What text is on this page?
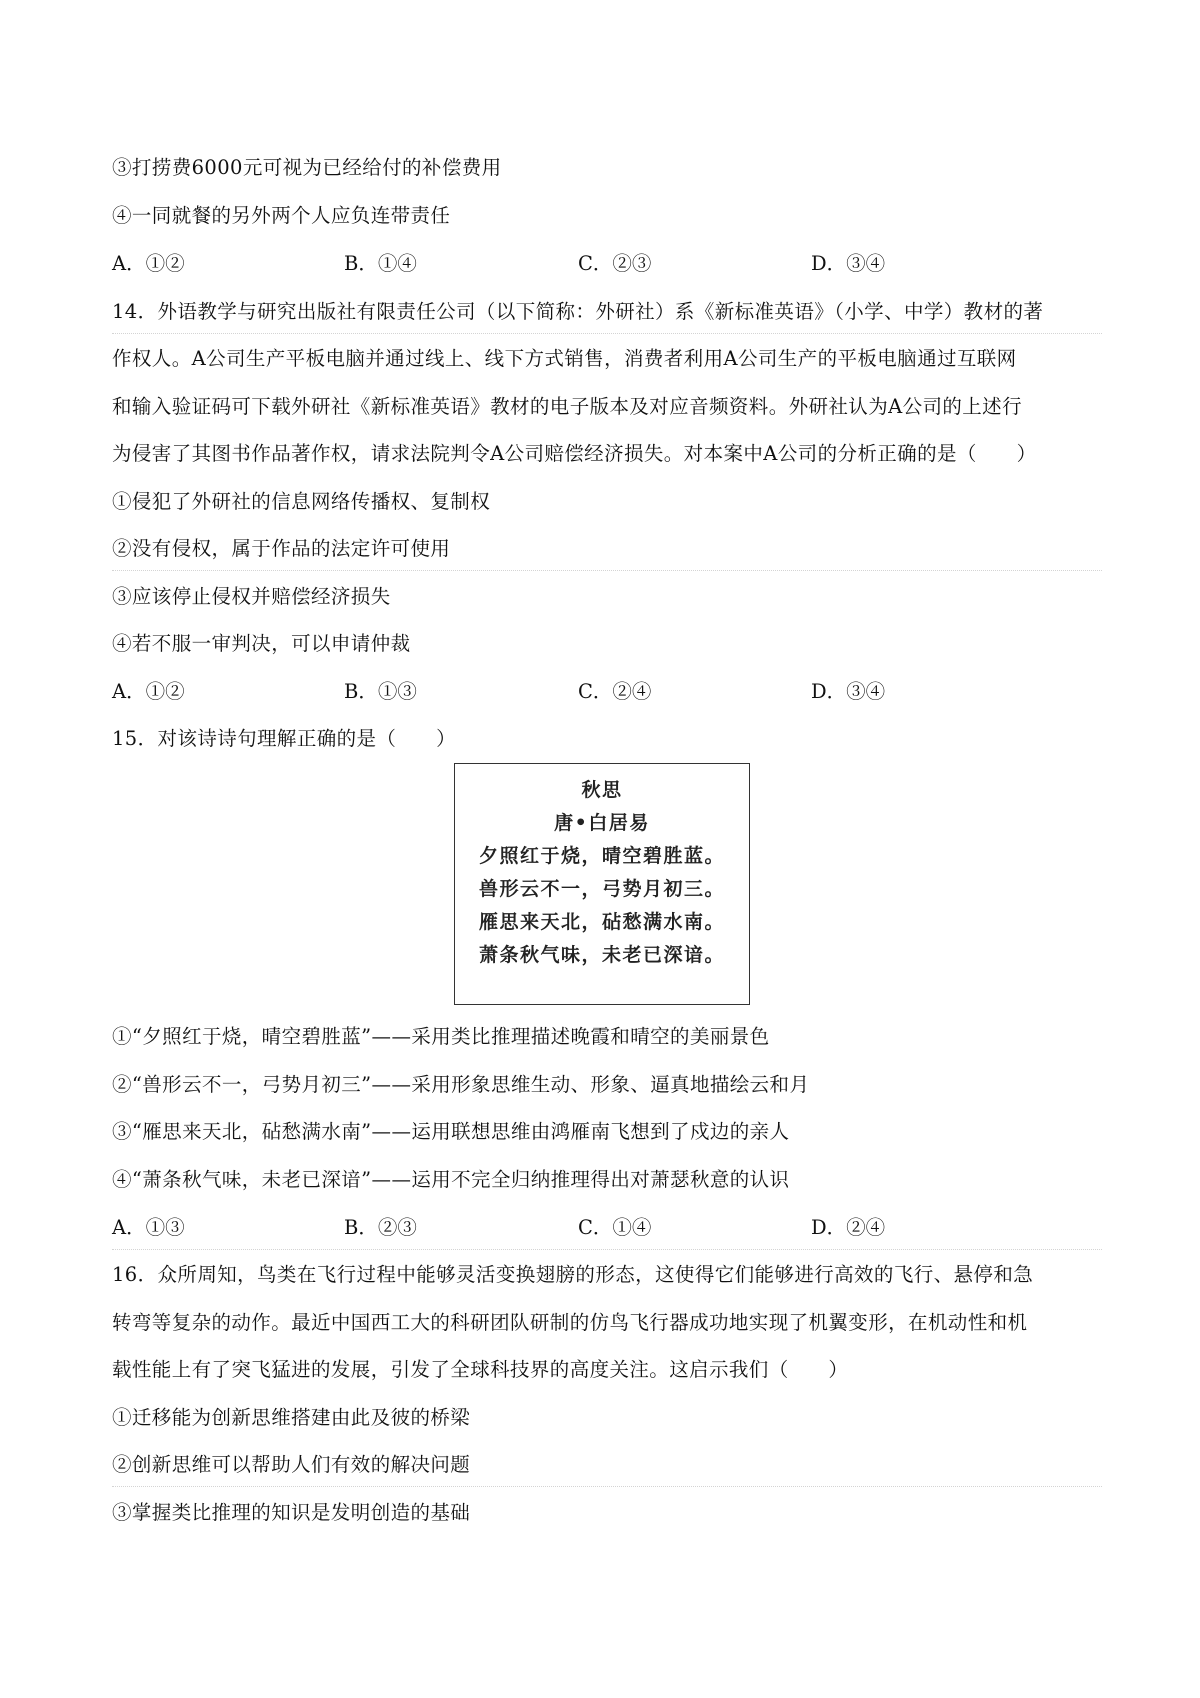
③打捞费6000元可视为已经给付的补偿费用
④一同就餐的另外两个人应负连带责任
A．①②	B．①④	C．②③	D．③④
14．外语教学与研究出版社有限责任公司（以下简称：外研社）系《新标准英语》（小学、中学）教材的著
作权人。A公司生产平板电脑并通过线上、线下方式销售，消费者利用A公司生产的平板电脑通过互联网
和输入验证码可下载外研社《新标准英语》教材的电子版本及对应音频资料。外研社认为A公司的上述行
为侵害了其图书作品著作权，请求法院判令A公司赔偿经济损失。对本案中A公司的分析正确的是（　　）
①侵犯了外研社的信息网络传播权、复制权
②没有侵权，属于作品的法定许可使用
③应该停止侵权并赔偿经济损失
④若不服一审判决，可以申请仲裁
A．①②	B．①③	C．②④	D．③④
15．对该诗诗句理解正确的是（　　）
秋思
唐•白居易
夕照红于烧，晴空碧胜蓝。
兽形云不一，弓势月初三。
雁思来天北，砧愁满水南。
萧条秋气味，未老已深谙。
①“夕照红于烧，晴空碧胜蓝”——采用类比推理描述晚霞和晴空的美丽景色
②“兽形云不一，弓势月初三”——采用形象思维生动、形象、逼真地描绘云和月
③“雁思来天北，砧愁满水南”——运用联想思维由鸿雁南飞想到了戍边的亲人
④“萧条秋气味，未老已深谙”——运用不完全归纳推理得出对萧瑟秋意的认识
A．①③	B．②③	C．①④	D．②④
16．众所周知，鸟类在飞行过程中能够灵活变换翅膀的形态，这使得它们能够进行高效的飞行、悬停和急
转弯等复杂的动作。最近中国西工大的科研团队研制的仿鸟飞行器成功地实现了机翼变形，在机动性和机
载性能上有了突飞猛进的发展，引发了全球科技界的高度关注。这启示我们（　　）
①迁移能为创新思维搭建由此及彼的桥梁
②创新思维可以帮助人们有效的解决问题
③掌握类比推理的知识是发明创造的基础
